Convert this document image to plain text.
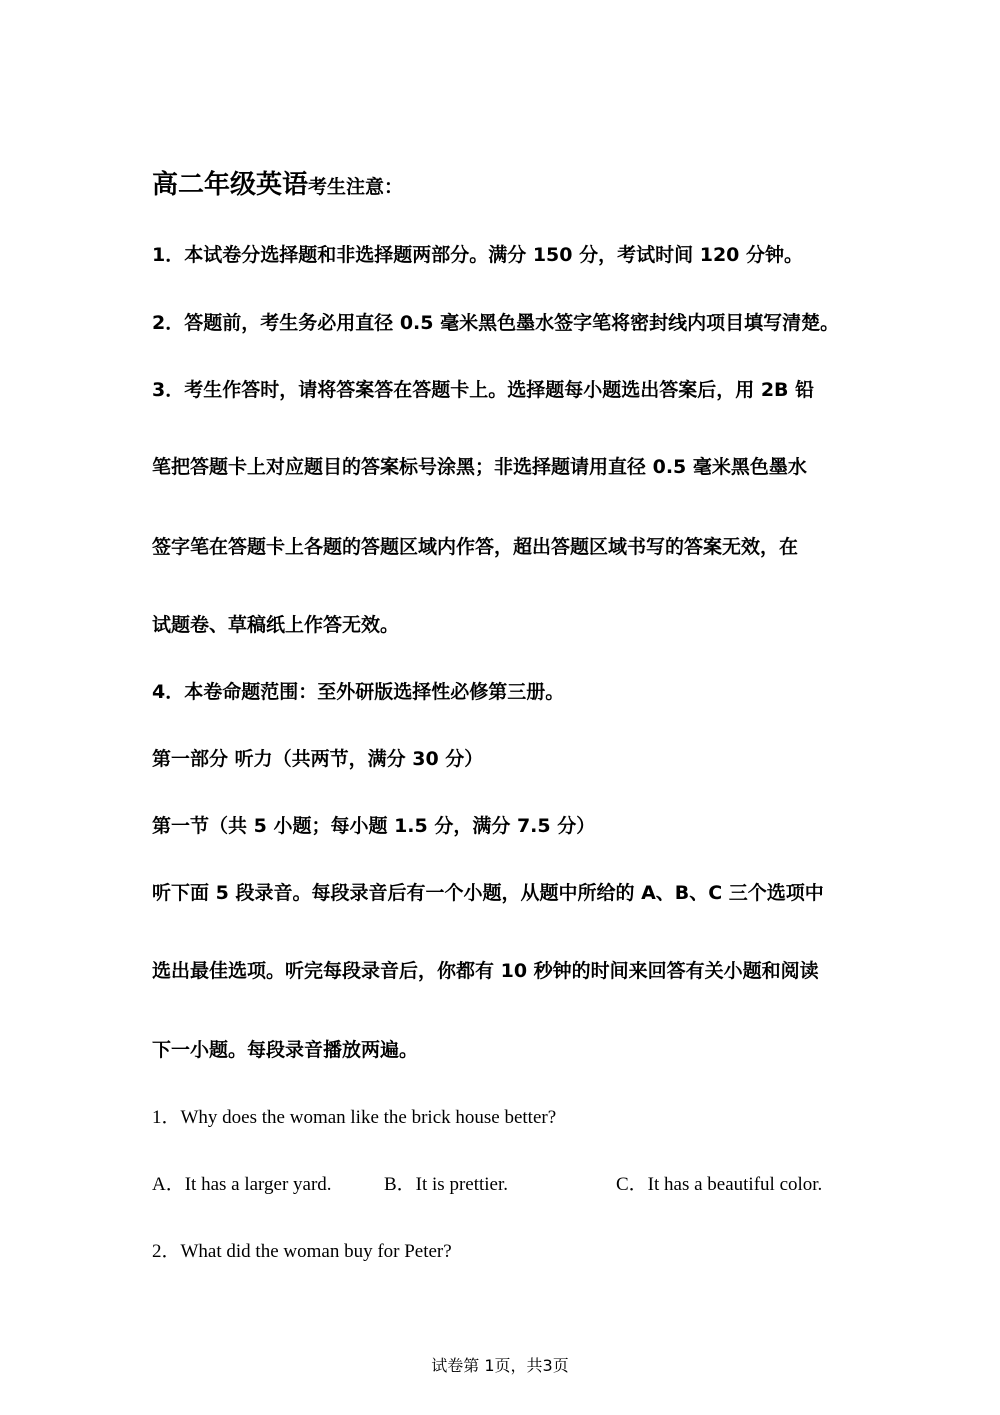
高二年级英语考生注意：
1．本试卷分选择题和非选择题两部分。满分 150 分，考试时间 120 分钟。
2．答题前，考生务必用直径 0.5 毫米黑色墨水签字笔将密封线内项目填写清楚。
3．考生作答时，请将答案答在答题卡上。选择题每小题选出答案后，用 2B 铅
笔把答题卡上对应题目的答案标号涂黑；非选择题请用直径 0.5 毫米黑色墨水
签字笔在答题卡上各题的答题区域内作答，超出答题区域书写的答案无效，在
试题卷、草稿纸上作答无效。
4．本卷命题范围：至外研版选择性必修第三册。
第一部分 听力（共两节，满分 30 分）
第一节（共 5 小题；每小题 1.5 分，满分 7.5 分）
听下面 5 段录音。每段录音后有一个小题，从题中所给的 A、B、C 三个选项中
选出最佳选项。听完每段录音后，你都有 10 秒钟的时间来回答有关小题和阅读
下一小题。每段录音播放两遍。
1．Why does the woman like the brick house better?
A．It has a larger yard.	B．It is prettier.	C．It has a beautiful color.
2．What did the woman buy for Peter?
试卷第 1页，共3页
